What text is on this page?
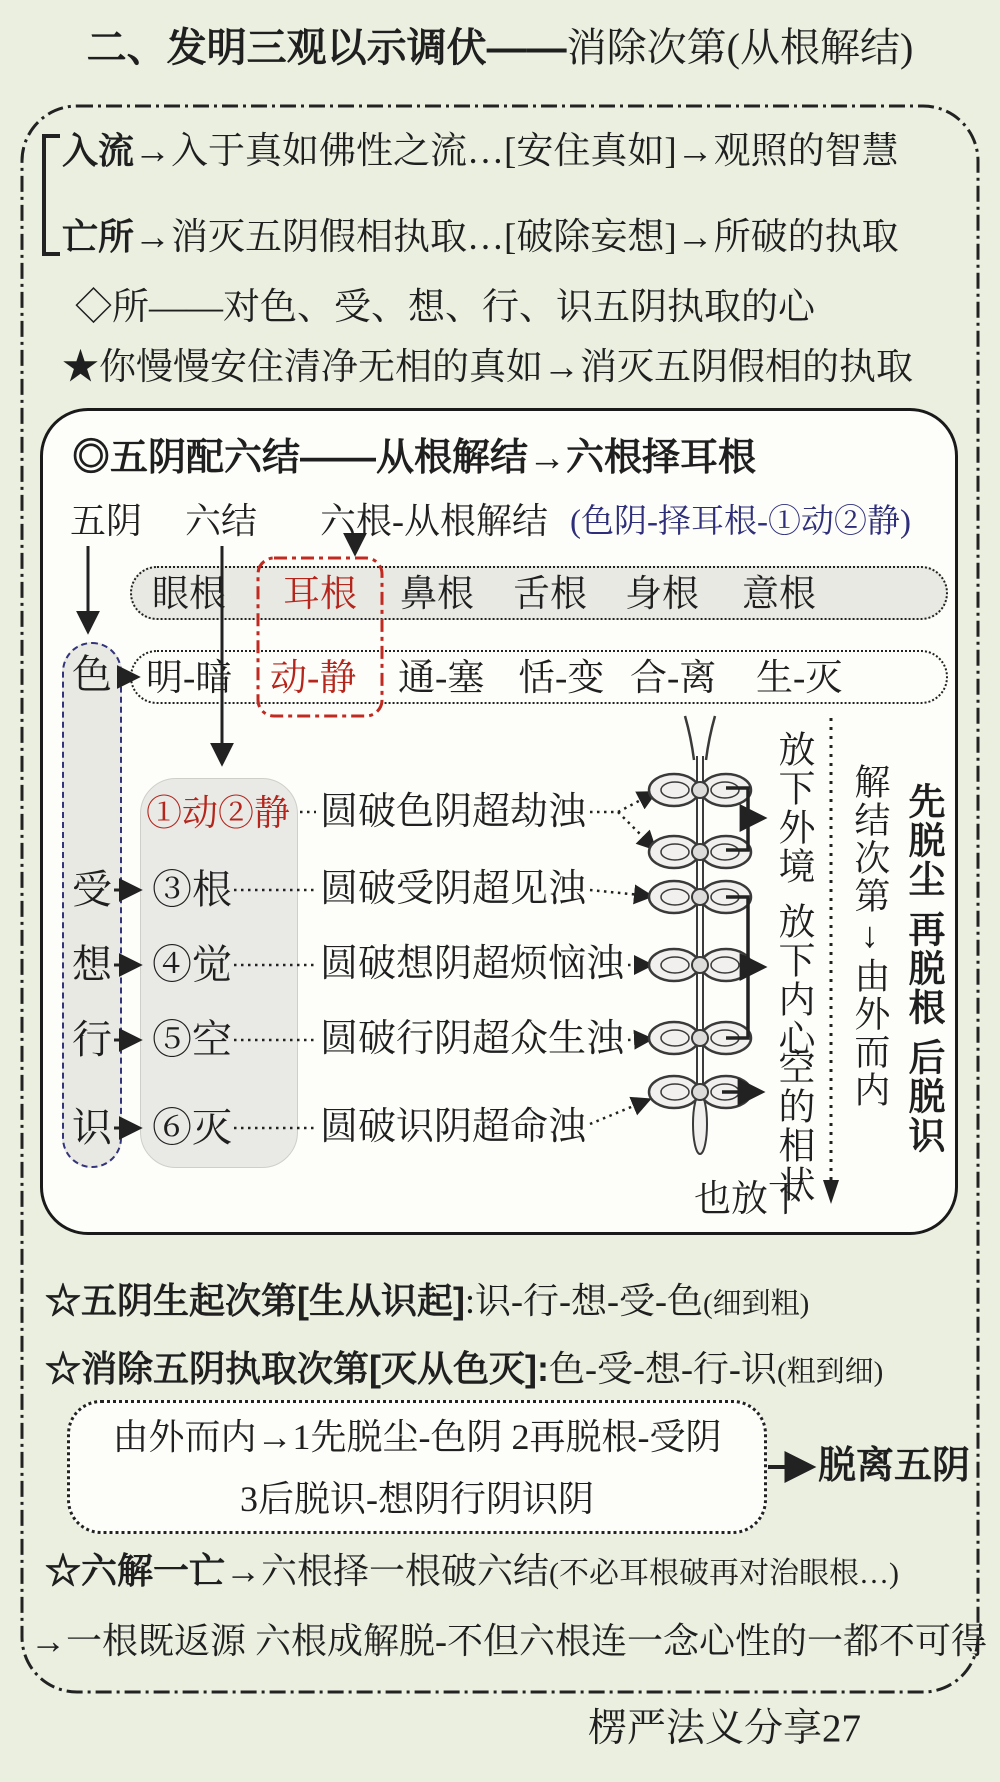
二、发明三观以示调伏——消除次第(从根解结)
入流→入于真如佛性之流…[安住真如]→观照的智慧
亡所→消灭五阴假相执取…[破除妄想]→所破的执取
◇所——对色、受、想、行、识五阴执取的心
★你慢慢安住清净无相的真如→消灭五阴假相的执取
◎五阴配六结——从根解结→六根择耳根
五阴 六结 六根-从根解结 (色阴-择耳根-①动②静)
眼根 耳根 鼻根 舌根 身根 意根
明-暗 动-静 通-塞 恬-变 合-离 生-灭
色
受
想
行
识
①动②静
③根
④觉
⑤空
⑥灭
圆破色阴超劫浊
圆破受阴超见浊
圆破想阴超烦恼浊
圆破行阴超众生浊
圆破识阴超命浊
放下外境
放下内心
空的相状
也放下
解结次第↓由外而内 先脱尘
再脱根
后脱识
☆五阴生起次第[生从识起]:识-行-想-受-色(细到粗)
☆消除五阴执取次第[灭从色灭]:色-受-想-行-识(粗到细)
由外而内→1先脱尘-色阴 2再脱根-受阴
3后脱识-想阴行阴识阴
脱离五阴
☆六解一亡→六根择一根破六结(不必耳根破再对治眼根…)
→一根既返源 六根成解脱-不但六根连一念心性的一都不可得
楞严法义分享27
